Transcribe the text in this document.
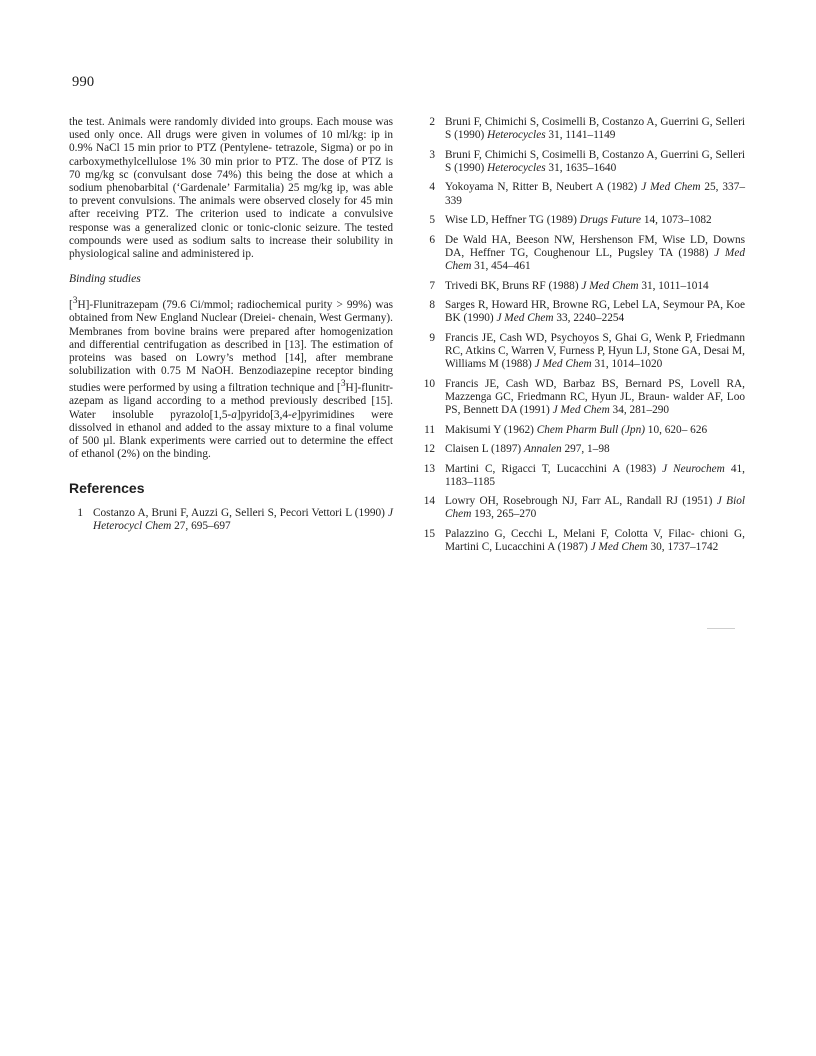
990

the test. Animals were randomly divided into groups. Each mouse was used only once. All drugs were given in volumes of 10 ml/kg: ip in 0.9% NaCl 15 min prior to PTZ (Pentylene- tetrazole, Sigma) or po in carboxymethylcellulose 1% 30 min prior to PTZ. The dose of PTZ is 70 mg/kg sc (convulsant dose 74%) this being the dose at which a sodium phenobarbital (‘Gardenale’ Farmitalia) 25 mg/kg ip, was able to prevent convulsions. The animals were observed closely for 45 min after receiving PTZ. The criterion used to indicate a convulsive response was a generalized clonic or tonic-clonic seizure. The tested compounds were used as sodium salts to increase their solubility in physiological saline and administered ip.

Binding studies

[$^3$H]-Flunitrazepam (79.6 Ci/mmol; radiochemical purity > 99%) was obtained from New England Nuclear (Dreiei- chenain, West Germany). Membranes from bovine brains were prepared after homogenization and differential centrifugation as described in [13]. The estimation of proteins was based on Lowry’s method [14], after membrane solubilization with 0.75 M NaOH. Benzodiazepine receptor binding studies were performed by using a filtration technique and [$^3$H]-flunitr- azepam as ligand according to a method previously described [15]. Water insoluble pyrazolo[1,5-a]pyrido[3,4-e]pyrimidines were dissolved in ethanol and added to the assay mixture to a final volume of 500 µl. Blank experiments were carried out to determine the effect of ethanol (2%) on the binding.

References
1 Costanzo A, Bruni F, Auzzi G, Selleri S, Pecori Vettori L (1990) J Heterocycl Chem 27, 695–697
2 Bruni F, Chimichi S, Cosimelli B, Costanzo A, Guerrini G, Selleri S (1990) Heterocycles 31, 1141–1149
3 Bruni F, Chimichi S, Cosimelli B, Costanzo A, Guerrini G, Selleri S (1990) Heterocycles 31, 1635–1640
4 Yokoyama N, Ritter B, Neubert A (1982) J Med Chem 25, 337–339
5 Wise LD, Heffner TG (1989) Drugs Future 14, 1073–1082
6 De Wald HA, Beeson NW, Hershenson FM, Wise LD, Downs DA, Heffner TG, Coughenour LL, Pugsley TA (1988) J Med Chem 31, 454–461
7 Trivedi BK, Bruns RF (1988) J Med Chem 31, 1011–1014
8 Sarges R, Howard HR, Browne RG, Lebel LA, Seymour PA, Koe BK (1990) J Med Chem 33, 2240–2254
9 Francis JE, Cash WD, Psychoyos S, Ghai G, Wenk P, Friedmann RC, Atkins C, Warren V, Furness P, Hyun LJ, Stone GA, Desai M, Williams M (1988) J Med Chem 31, 1014–1020
10 Francis JE, Cash WD, Barbaz BS, Bernard PS, Lovell RA, Mazzenga GC, Friedmann RC, Hyun JL, Braun- walder AF, Loo PS, Bennett DA (1991) J Med Chem 34, 281–290
11 Makisumi Y (1962) Chem Pharm Bull (Jpn) 10, 620– 626
12 Claisen L (1897) Annalen 297, 1–98
13 Martini C, Rigacci T, Lucacchini A (1983) J Neurochem 41, 1183–1185
14 Lowry OH, Rosebrough NJ, Farr AL, Randall RJ (1951) J Biol Chem 193, 265–270
15 Palazzino G, Cecchi L, Melani F, Colotta V, Filac- chioni G, Martini C, Lucacchini A (1987) J Med Chem 30, 1737–1742
